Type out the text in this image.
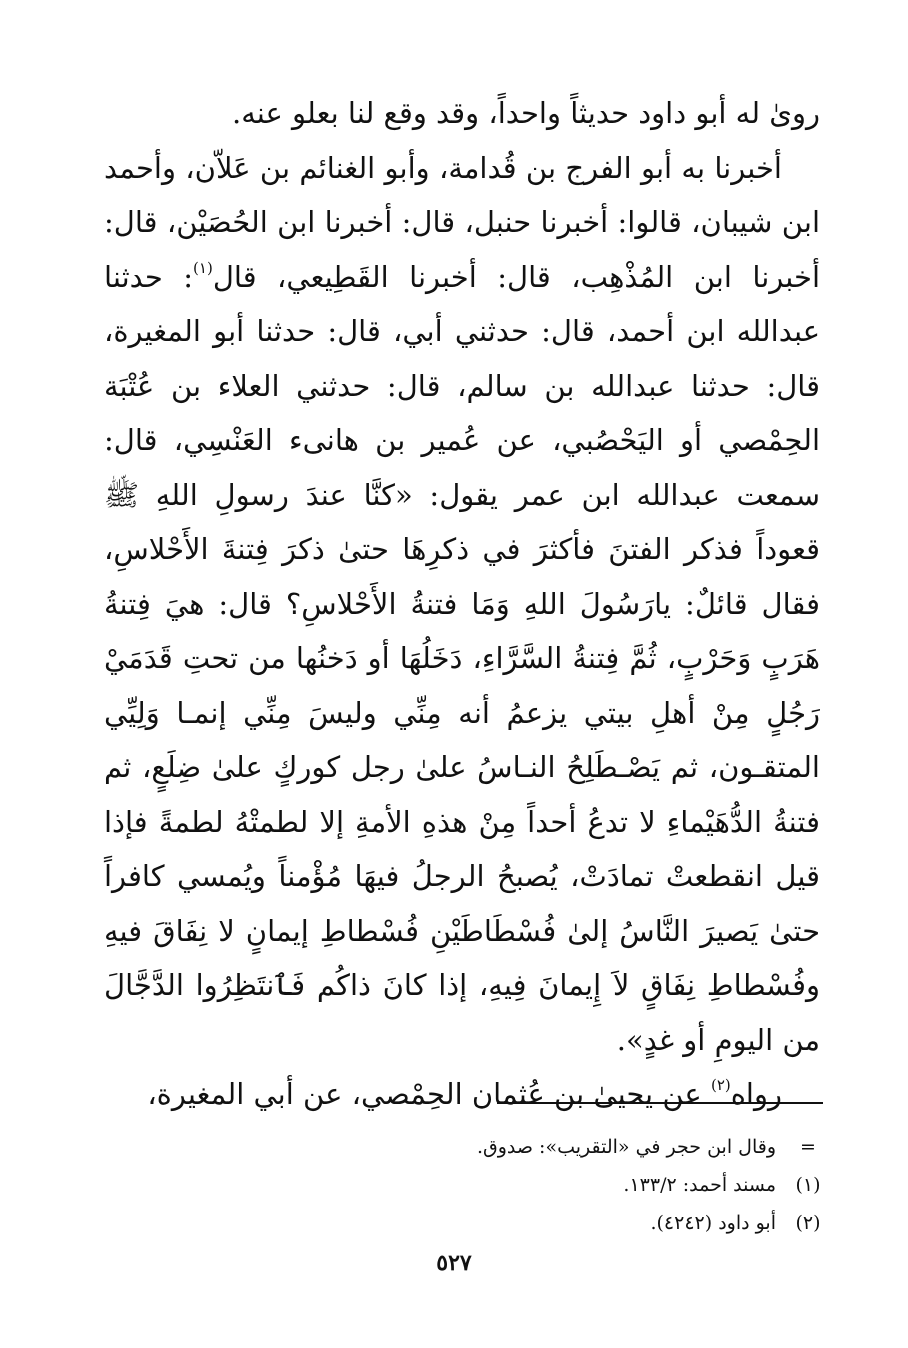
رویٰ له أبو داود حديثاً واحداً، وقد وقع لنا بعلو عنه.

أخبرنا به أبو الفرج بن قُدامة، وأبو الغنائم بن عَلاّن، وأحمد ابن شيبان، قالوا: أخبرنا حنبل، قال: أخبرنا ابن الحُصَيْن، قال: أخبرنا ابن المُذْهِب، قال: أخبرنا القَطِيعي، قال$^{(١)}$: حدثنا عبدالله ابن أحمد، قال: حدثني أبي، قال: حدثنا أبو المغيرة، قال: حدثنا عبدالله بن سالم، قال: حدثني العلاء بن عُتْبَة الحِمْصي أو اليَحْصُبي، عن عُمير بن هانىء العَنْسِي، قال: سمعت عبدالله ابن عمر يقول: «كنَّا عندَ رسولِ اللهِ ﷺ قعوداً فذكر الفتنَ فأكثرَ في ذكرِهَا حتىٰ ذكرَ فِتنةَ الأَحْلاسِ، فقال قائلٌ: يارَسُولَ اللهِ وَمَا فتنةُ الأَحْلاسِ؟ قال: هيَ فِتنةُ هَرَبٍ وَحَرْبٍ، ثُمَّ فِتنةُ السَّرَّاءِ، دَخَلُهَا أو دَخنُها من تحتِ قَدَمَيْ رَجُلٍ مِنْ أهلِ بيتي يزعمُ أنه مِنِّي وليسَ مِنِّي إنمـا وَلِيِّي المتقـون، ثم يَصْـطَلِحُ النـاسُ علىٰ رجل كوركٍ علىٰ ضِلَعٍ، ثم فتنةُ الدُّهَيْماءِ لا تدعُ أحداً مِنْ هذهِ الأمةِ إلا لطمتْهُ لطمةً فإذا قيل انقطعتْ تمادَتْ، يُصبحُ الرجلُ فيهَا مُؤْمناً ويُمسي كافراً حتىٰ يَصيرَ النَّاسُ إلىٰ فُسْطَاطَيْنِ فُسْطاطِ إيمانٍ لا نِفَاقَ فيهِ وفُسْطاطِ نِفَاقٍ لاَ إِيمانَ فِيهِ، إذا كانَ ذاكُم فَٱنتَظِرُوا الدَّجَّالَ من اليومِ أو غدٍ».

رواه$^{(٢)}$ عن يحيىٰ بن عُثمان الحِمْصي، عن أبي المغيرة،

=
وقال ابن حجر في «التقريب»: صدوق.
(١)
مسند أحمد: ١٣٣/٢.
(٢)
أبو داود (٤٢٤٢).
٥٢٧
